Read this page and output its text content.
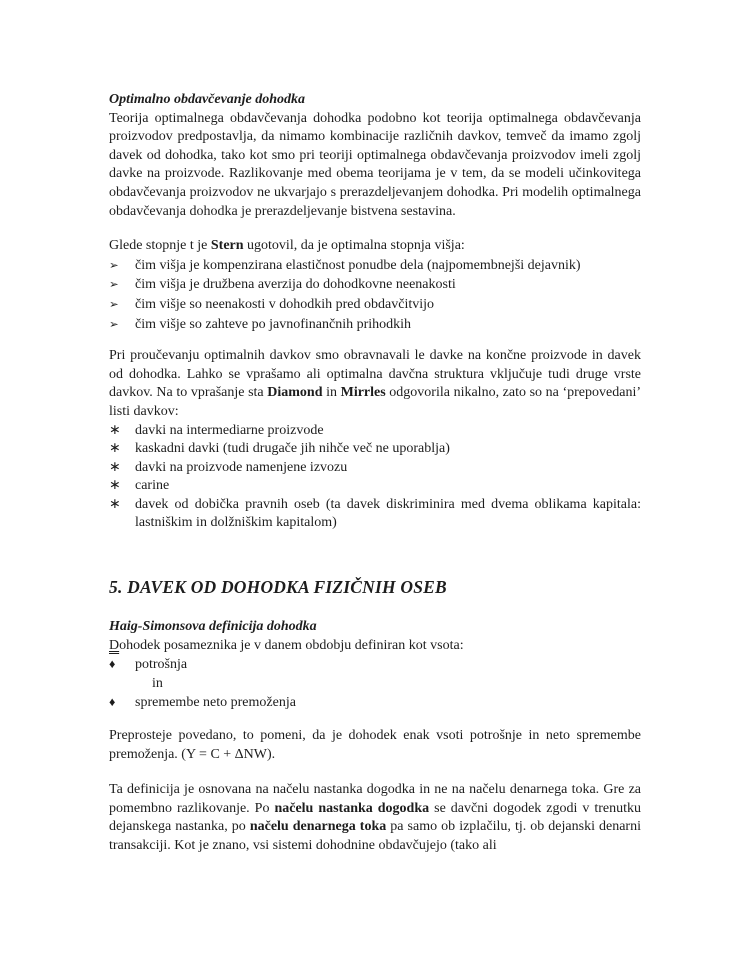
Optimalno obdavčevanje dohodka

Teorija optimalnega obdavčevanja dohodka podobno kot teorija optimalnega obdavčevanja proizvodov predpostavlja, da nimamo kombinacije različnih davkov, temveč da imamo zgolj davek od dohodka, tako kot smo pri teoriji optimalnega obdavčevanja proizvodov imeli zgolj davke na proizvode. Razlikovanje med obema teorijama je v tem, da se modeli učinkovitega obdavčevanja proizvodov ne ukvarjajo s prerazdeljevanjem dohodka. Pri modelih optimalnega obdavčevanja dohodka je prerazdeljevanje bistvena sestavina.

Glede stopnje t je Stern ugotovil, da je optimalna stopnja višja:

➢	čim višja je kompenzirana elastičnost ponudbe dela (najpomembnejši dejavnik)
➢	čim višja je družbena averzija do dohodkovne neenakosti
➢	čim višje so neenakosti v dohodkih pred obdavčitvijo
➢	čim višje so zahteve po javnofinančnih prihodkih

Pri proučevanju optimalnih davkov smo obravnavali le davke na končne proizvode in davek od dohodka. Lahko se vprašamo ali optimalna davčna struktura vključuje tudi druge vrste davkov. Na to vprašanje sta Diamond in Mirrles odgovorila nikalno, zato so na ‘prepovedani’ listi davkov:

∗	davki na intermediarne proizvode
∗	kaskadni davki (tudi drugače jih nihče več ne uporablja)
∗	davki na proizvode namenjene izvozu
∗	carine
∗	davek od dobička pravnih oseb (ta davek diskriminira med dvema oblikama kapitala: lastniškim in dolžniškim kapitalom)

5. DAVEK OD DOHODKA FIZIČNIH OSEB

Haig-Simonsova definicija dohodka

Dohodek posameznika je v danem obdobju definiran kot vsota:

♦	potrošnja
in
♦	spremembe neto premoženja

Preprosteje povedano, to pomeni, da je dohodek enak vsoti potrošnje in neto spremembe premoženja. (Y = C + ΔNW).

Ta definicija je osnovana na načelu nastanka dogodka in ne na načelu denarnega toka. Gre za pomembno razlikovanje. Po načelu nastanka dogodka se davčni dogodek zgodi v trenutku dejanskega nastanka, po načelu denarnega toka pa samo ob izplačilu, tj. ob dejanski denarni transakciji. Kot je znano, vsi sistemi dohodnine obdavčujejo (tako ali
